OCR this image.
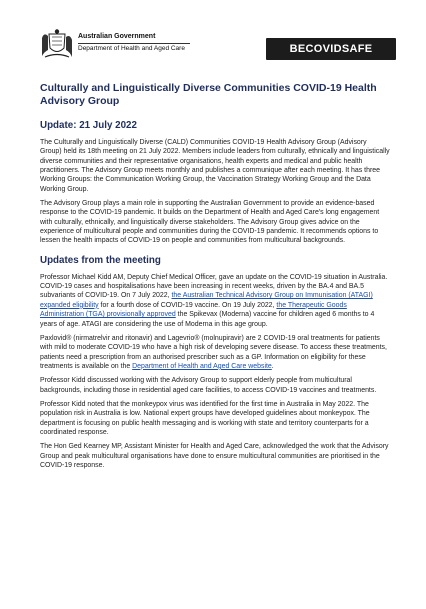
Australian Government
Department of Health and Aged Care	BE COVID SAFE
Culturally and Linguistically Diverse Communities COVID-19 Health Advisory Group
Update: 21 July 2022

The Culturally and Linguistically Diverse (CALD) Communities COVID-19 Health Advisory Group (Advisory Group) held its 18th meeting on 21 July 2022. Members include leaders from culturally, ethnically and linguistically diverse communities and their representative organisations, health experts and medical and public health practitioners. The Advisory Group meets monthly and publishes a communique after each meeting. It has three Working Groups: the Communication Working Group, the Vaccination Strategy Working Group and the Data Working Group.

The Advisory Group plays a main role in supporting the Australian Government to provide an evidence-based response to the COVID-19 pandemic. It builds on the Department of Health and Aged Care's long engagement with culturally, ethnically, and linguistically diverse stakeholders. The Advisory Group gives advice on the experience of multicultural people and communities during the COVID-19 pandemic. It recommends options to lessen the health impacts of COVID-19 on people and communities from multicultural backgrounds.

Updates from the meeting

Professor Michael Kidd AM, Deputy Chief Medical Officer, gave an update on the COVID-19 situation in Australia. COVID-19 cases and hospitalisations have been increasing in recent weeks, driven by the BA.4 and BA.5 subvariants of COVID-19. On 7 July 2022, the Australian Technical Advisory Group on Immunisation (ATAGI) expanded eligibility for a fourth dose of COVID-19 vaccine. On 19 July 2022, the Therapeutic Goods Administration (TGA) provisionally approved the Spikevax (Moderna) vaccine for children aged 6 months to 4 years of age. ATAGI are considering the use of Moderna in this age group.

Paxlovid® (nirmatrelvir and ritonavir) and Lagevrio® (molnupiravir) are 2 COVID-19 oral treatments for patients with mild to moderate COVID-19 who have a high risk of developing severe disease. To access these treatments, patients need a prescription from an authorised prescriber such as a GP. Information on eligibility for these treatments is available on the Department of Health and Aged Care website.

Professor Kidd discussed working with the Advisory Group to support elderly people from multicultural backgrounds, including those in residential aged care facilities, to access COVID-19 vaccines and treatments.

Professor Kidd noted that the monkeypox virus was identified for the first time in Australia in May 2022. The population risk in Australia is low. National expert groups have developed guidelines about monkeypox. The department is focusing on public health messaging and is working with state and territory counterparts for a coordinated response.

The Hon Ged Kearney MP, Assistant Minister for Health and Aged Care, acknowledged the work that the Advisory Group and peak multicultural organisations have done to ensure multicultural communities are prioritised in the COVID-19 response.
